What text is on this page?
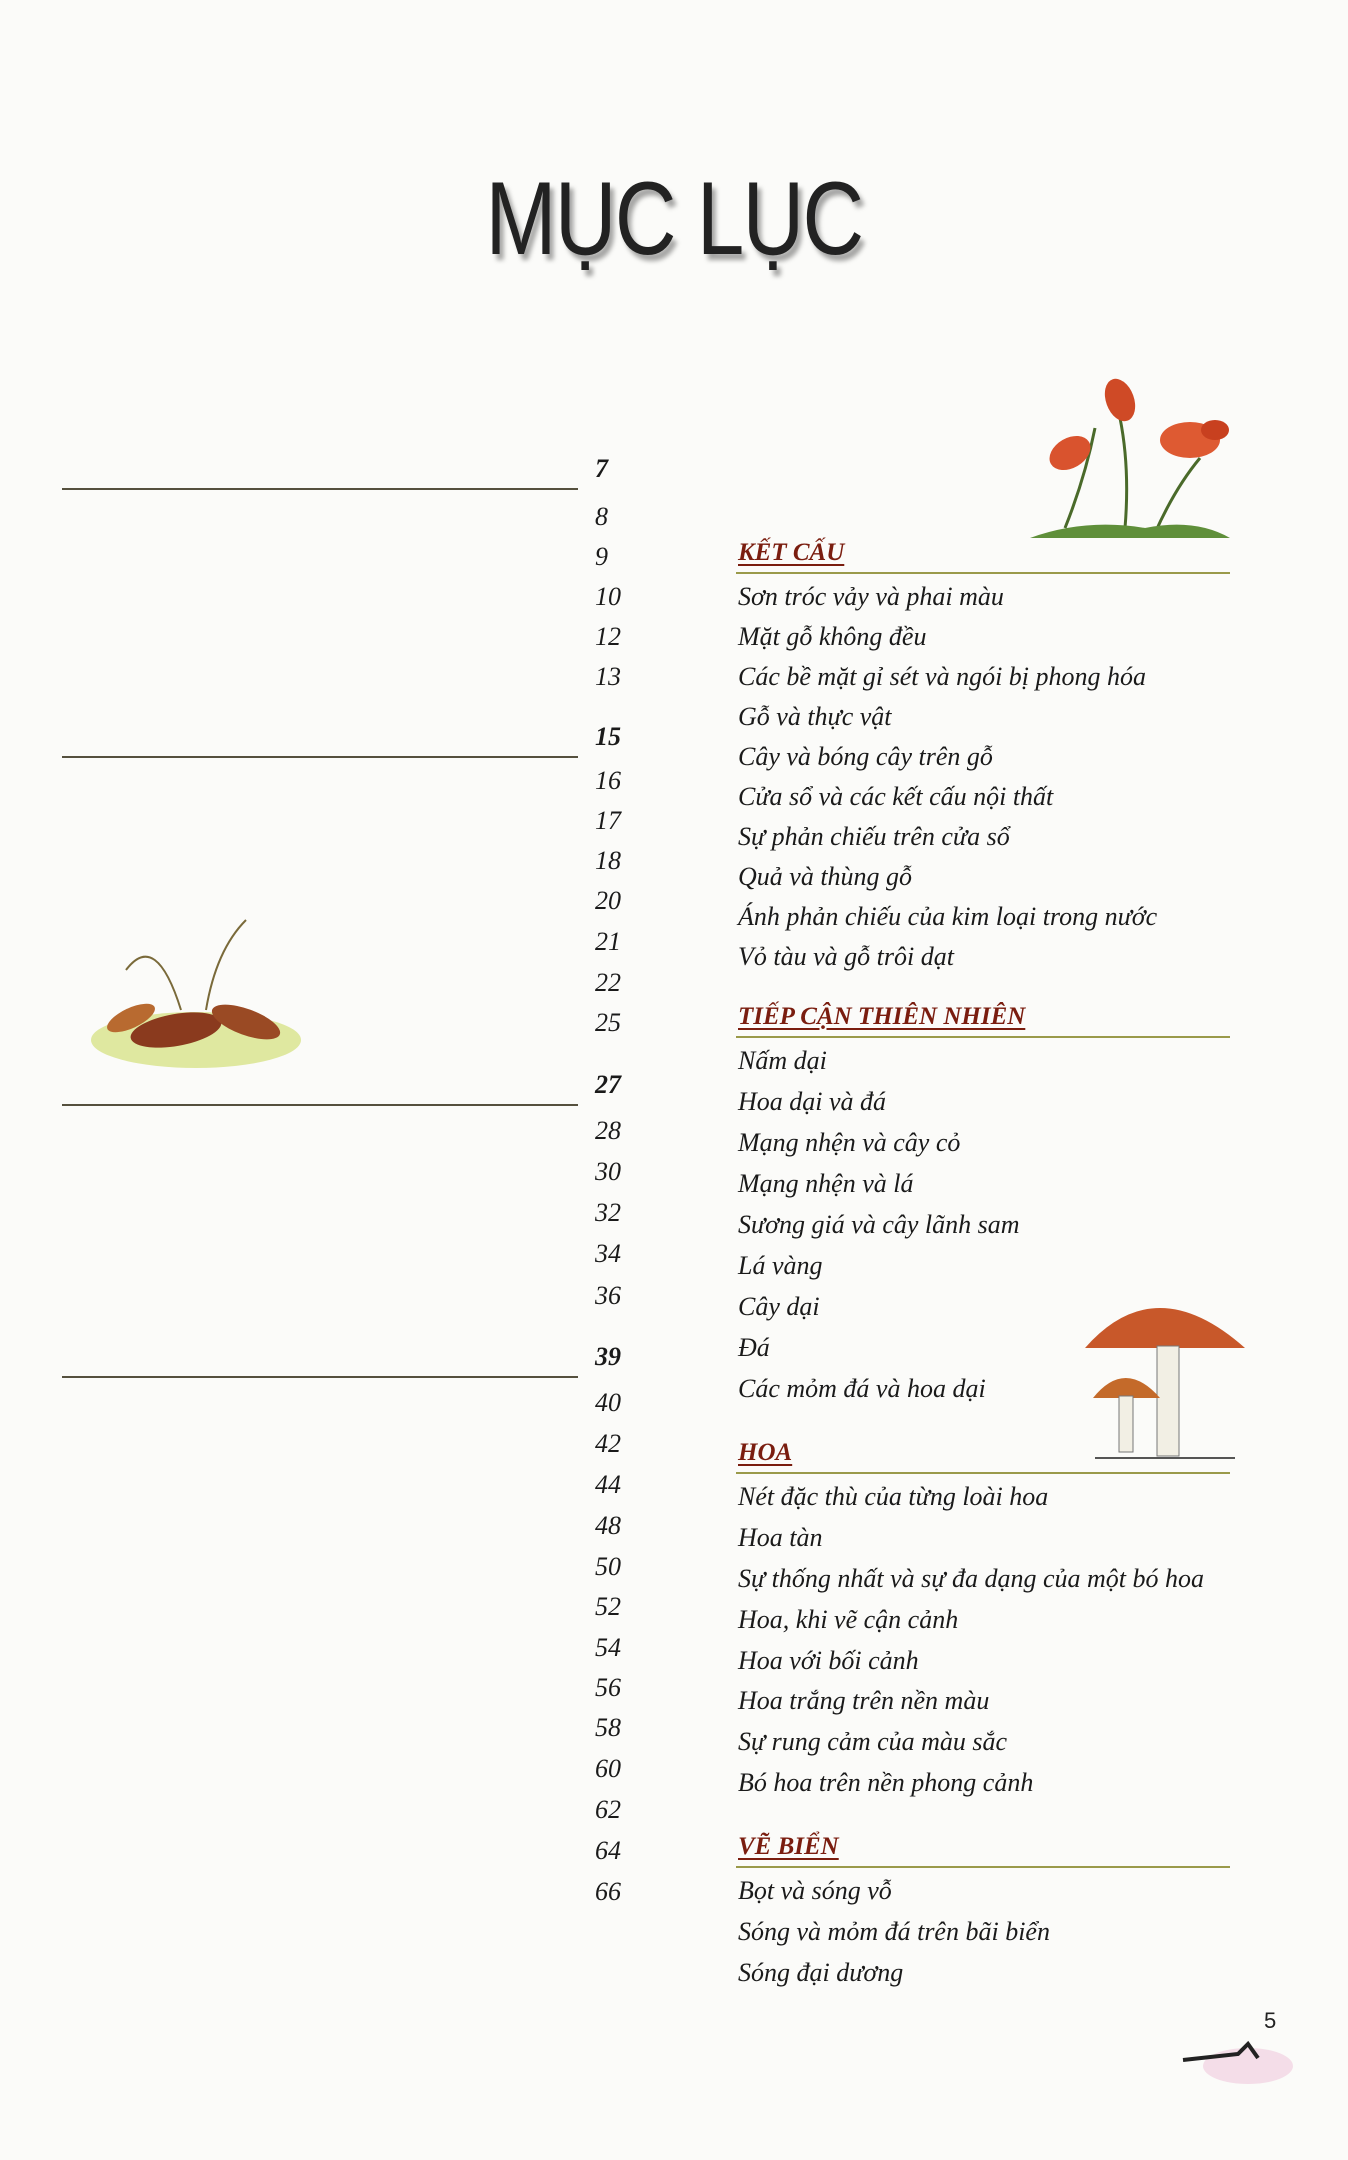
MỤC LỤC
7
8
9
10
12
13
15
16
17
18
20
21
22
25
27
28
30
32
34
36
39
40
42
44
48
50
52
54
56
58
60
62
64
66
KẾT CẤU
Sơn tróc vảy và phai màu
Mặt gỗ không đều
Các bề mặt gỉ sét và ngói bị phong hóa
Gỗ và thực vật
Cây và bóng cây trên gỗ
Cửa sổ và các kết cấu nội thất
Sự phản chiếu trên cửa sổ
Quả và thùng gỗ
Ánh phản chiếu của kim loại trong nước
Vỏ tàu và gỗ trôi dạt
TIẾP CẬN THIÊN NHIÊN
Nấm dại
Hoa dại và đá
Mạng nhện và cây cỏ
Mạng nhện và lá
Sương giá và cây lãnh sam
Lá vàng
Cây dại
Đá
Các mỏm đá và hoa dại
HOA
Nét đặc thù của từng loài hoa
Hoa tàn
Sự thống nhất và sự đa dạng của một bó hoa
Hoa, khi vẽ cận cảnh
Hoa với bối cảnh
Hoa trắng trên nền màu
Sự rung cảm của màu sắc
Bó hoa trên nền phong cảnh
VẼ BIỂN
Bọt và sóng vỗ
Sóng và mỏm đá trên bãi biển
Sóng đại dương
5
